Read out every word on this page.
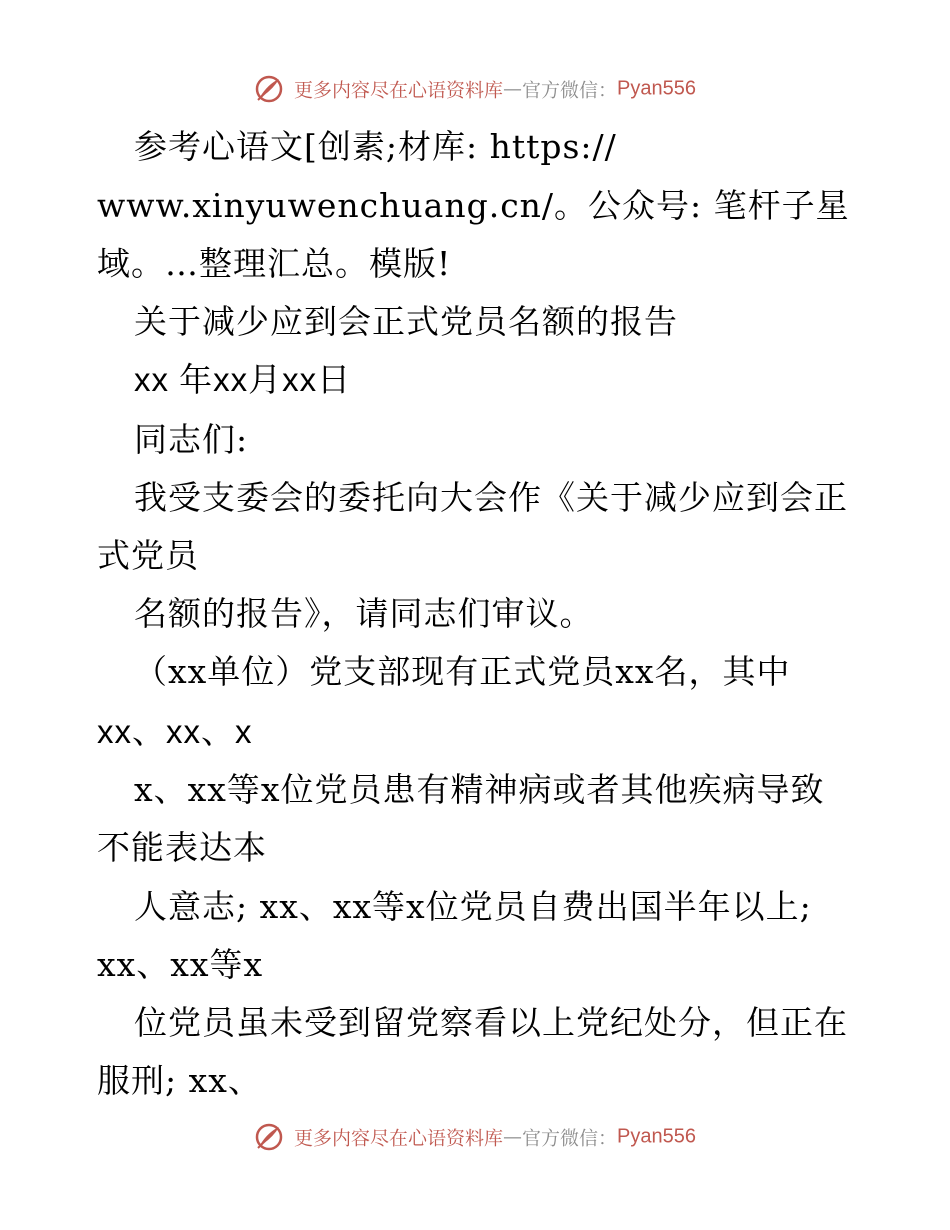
更多内容尽在心语资料库—官方微信：Pyan556
参考心语文[创素;材库: https://
www.xinyuwenchuang.cn/。公众号: 笔杆子星
域。…整理汇总。模版!
关于减少应到会正式党员名额的报告
xx 年xx月xx日
同志们:
我受支委会的委托向大会作《关于减少应到会正
式党员
名额的报告》，请同志们审议。
（xx单位）党支部现有正式党员xx名，其中
xx、xx、x
x、xx等x位党员患有精神病或者其他疾病导致
不能表达本
人意志; xx、xx等x位党员自费出国半年以上;
xx、xx等x
位党员虽未受到留党察看以上党纪处分，但正在
服刑; xx、
更多内容尽在心语资料库—官方微信：Pyan556
